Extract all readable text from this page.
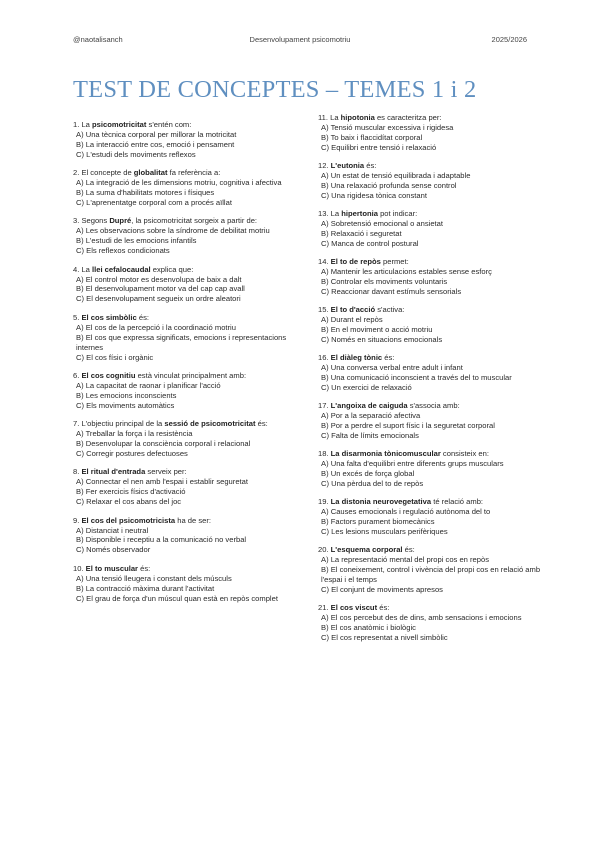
@naotalisanch	Desenvolupament psicomotriu	2025/2026
TEST DE CONCEPTES – TEMES 1 i 2

1. La psicomotricitat s'entén com:

A) Una tècnica corporal per millorar la motricitat

B) La interacció entre cos, emoció i pensament

C) L'estudi dels moviments reflexos

2. El concepte de globalitat fa referència a:

A) La integració de les dimensions motriu, cognitiva i afectiva

B) La suma d'habilitats motores i físiques

C) L'aprenentatge corporal com a procés aïllat

3. Segons Dupré, la psicomotricitat sorgeix a partir de:

A) Les observacions sobre la síndrome de debilitat motriu

B) L'estudi de les emocions infantils

C) Els reflexos condicionats

4. La llei cefalocaudal explica que:

A) El control motor es desenvolupa de baix a dalt

B) El desenvolupament motor va del cap cap avall

C) El desenvolupament segueix un ordre aleatori

5. El cos simbòlic és:

A) El cos de la percepció i la coordinació motriu

B) El cos que expressa significats, emocions i representacions internes

C) El cos físic i orgànic

6. El cos cognitiu està vinculat principalment amb:

A) La capacitat de raonar i planificar l'acció

B) Les emocions inconscients

C) Els moviments automàtics

7. L'objectiu principal de la sessió de psicomotricitat és:

A) Treballar la força i la resistència

B) Desenvolupar la consciència corporal i relacional

C) Corregir postures defectuoses

8. El ritual d'entrada serveix per:

A) Connectar el nen amb l'espai i establir seguretat

B) Fer exercicis físics d'activació

C) Relaxar el cos abans del joc

9. El cos del psicomotricista ha de ser:

A) Distanciat i neutral

B) Disponible i receptiu a la comunicació no verbal

C) Només observador

10. El to muscular és:

A) Una tensió lleugera i constant dels músculs

B) La contracció màxima durant l'activitat

C) El grau de força d'un múscul quan està en repòs complet

11. La hipotonia es caracteritza per:

A) Tensió muscular excessiva i rigidesa

B) To baix i flaccidítat corporal

C) Equilibri entre tensió i relaxació

12. L'eutonia és:

A) Un estat de tensió equilibrada i adaptable

B) Una relaxació profunda sense control

C) Una rigidesa tònica constant

13. La hipertonia pot indicar:

A) Sobretensió emocional o ansietat

B) Relaxació i seguretat

C) Manca de control postural

14. El to de repòs permet:

A) Mantenir les articulacions estables sense esforç

B) Controlar els moviments voluntaris

C) Reaccionar davant estímuls sensorials

15. El to d'acció s'activa:

A) Durant el repòs

B) En el moviment o acció motriu

C) Només en situacions emocionals

16. El diàleg tònic és:

A) Una conversa verbal entre adult i infant

B) Una comunicació inconscient a través del to muscular

C) Un exercici de relaxació

17. L'angoixa de caiguda s'associa amb:

A) Por a la separació afectiva

B) Por a perdre el suport físic i la seguretat corporal

C) Falta de límits emocionals

18. La disarmonia tònicomuscular consisteix en:

A) Una falta d'equilibri entre diferents grups musculars

B) Un excés de força global

C) Una pèrdua del to de repòs

19. La distonia neurovegetativa té relació amb:

A) Causes emocionals i regulació autònoma del to

B) Factors purament biomecànics

C) Les lesions musculars perifèriques

20. L'esquema corporal és:

A) La representació mental del propi cos en repòs

B) El coneixement, control i vivència del propi cos en relació amb l'espai i el temps

C) El conjunt de moviments apresos

21. El cos viscut és:

A) El cos percebut des de dins, amb sensacions i emocions

B) El cos anatòmic i biològic

C) El cos representat a nivell simbòlic
